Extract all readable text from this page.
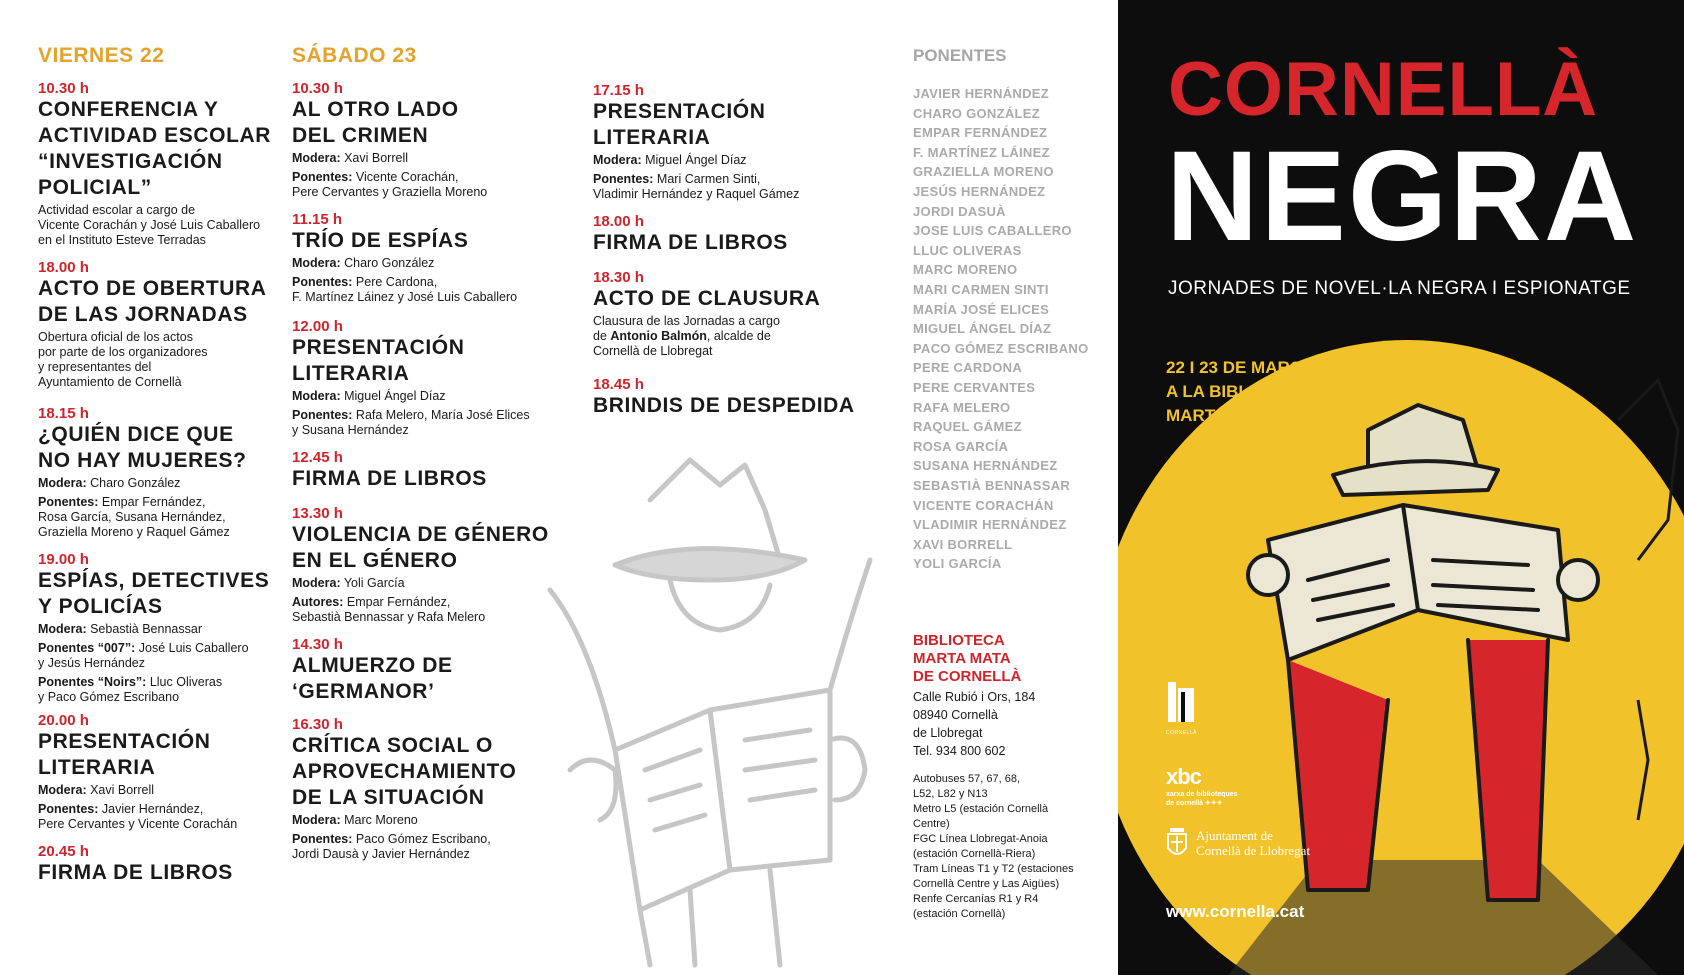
VIERNES 22

10.30 h

CONFERENCIA Y

ACTIVIDAD ESCOLAR

“INVESTIGACIÓN

POLICIAL”

Actividad escolar a cargo de

Vicente Corachán y José Luis Caballero

en el Instituto Esteve Terradas

18.00 h

ACTO DE OBERTURA

DE LAS JORNADAS

Obertura oficial de los actos

por parte de los organizadores

y representantes del

Ayuntamiento de Cornellà

18.15 h

¿QUIÉN DICE QUE

NO HAY MUJERES?

Modera: Charo González

Ponentes: Empar Fernández,

Rosa García, Susana Hernández,

Graziella Moreno y Raquel Gámez

19.00 h

ESPÍAS, DETECTIVES

Y POLICÍAS

Modera: Sebastià Bennassar

Ponentes “007”: José Luis Caballero

y Jesús Hernández

Ponentes “Noirs”: Lluc Oliveras

y Paco Gómez Escribano

20.00 h

PRESENTACIÓN

LITERARIA

Modera: Xavi Borrell

Ponentes: Javier Hernández,

Pere Cervantes y Vicente Corachán

20.45 h

FIRMA DE LIBROS

SÁBADO 23

10.30 h

AL OTRO LADO

DEL CRIMEN

Modera: Xavi Borrell

Ponentes: Vicente Corachán,

Pere Cervantes y Graziella Moreno

11.15 h

TRÍO DE ESPÍAS

Modera: Charo González

Ponentes: Pere Cardona,

F. Martínez Láinez y José Luis Caballero

12.00 h

PRESENTACIÓN

LITERARIA

Modera: Miguel Ángel Díaz

Ponentes: Rafa Melero, María José Elices

y Susana Hernández

12.45 h

FIRMA DE LIBROS

13.30 h

VIOLENCIA DE GÉNERO

EN EL GÉNERO

Modera: Yoli García

Autores: Empar Fernández,

Sebastià Bennassar y Rafa Melero

14.30 h

ALMUERZO DE

‘GERMANOR’

16.30 h

CRÍTICA SOCIAL O

APROVECHAMIENTO

DE LA SITUACIÓN

Modera: Marc Moreno

Ponentes: Paco Gómez Escribano,

Jordi Dausà y Javier Hernández

17.15 h

PRESENTACIÓN

LITERARIA

Modera: Miguel Ángel Díaz

Ponentes: Mari Carmen Sinti,

Vladimir Hernández y Raquel Gámez

18.00 h

FIRMA DE LIBROS

18.30 h

ACTO DE CLAUSURA

Clausura de las Jornadas a cargo

de Antonio Balmón, alcalde de

Cornellà de Llobregat

18.45 h

BRINDIS DE DESPEDIDA

PONENTES

JAVIER HERNÁNDEZ
CHARO GONZÁLEZ
EMPAR FERNÁNDEZ
F. MARTÍNEZ LÁINEZ
GRAZIELLA MORENO
JESÚS HERNÁNDEZ
JORDI DASUÀ
JOSE LUIS CABALLERO
LLUC OLIVERAS
MARC MORENO
MARI CARMEN SINTI
MARÍA JOSÉ ELICES
MIGUEL ÁNGEL DÍAZ
PACO GÓMEZ ESCRIBANO
PERE CARDONA
PERE CERVANTES
RAFA MELERO
RAQUEL GÁMEZ
ROSA GARCÍA
SUSANA HERNÁNDEZ
SEBASTIÀ BENNASSAR
VICENTE CORACHÁN
VLADIMIR HERNÁNDEZ
XAVI BORRELL
YOLI GARCÍA
BIBLIOTECA
MARTA MATA
DE CORNELLÀ
Calle Rubió i Ors, 184
08940 Cornellà
de Llobregat
Tel. 934 800 602
Autobuses 57, 67, 68,
L52, L82 y N13
Metro L5 (estación Cornellà
Centre)
FGC Línea Llobregat-Anoia
(estación Cornellà-Riera)
Tram Líneas T1 y T2 (estaciones
Cornellà Centre y Las Aigües)
Renfe Cercanías R1 y R4
(estación Cornellà)
CORNELLÀ
NEGRA
JORNADES DE NOVEL·LA NEGRA I ESPIONATGE
22 I 23 DE MARÇ
A LA BIBLIOTECA
MARTA MATA
CORNELLÀ
xbc
xarxa de biblioteques
de cornellà ✦✦✦
Ajuntament de
Cornellà de Llobregat
www.cornella.cat
